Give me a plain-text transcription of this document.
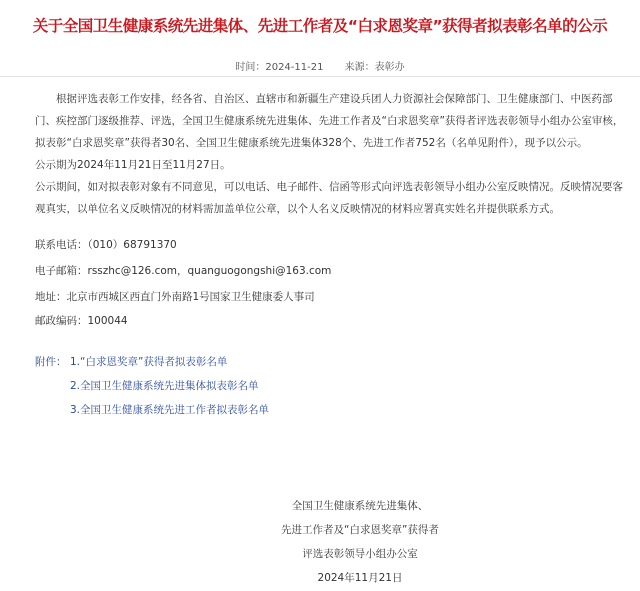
关于全国卫生健康系统先进集体、先进工作者及“白求恩奖章”获得者拟表彰名单的公示
时间：2024-11-21 来源：表彰办

根据评选表彰工作安排，经各省、自治区、直辖市和新疆生产建设兵团人力资源社会保障部门、卫生健康部门、中医药部门、疾控部门逐级推荐、评选，全国卫生健康系统先进集体、先进工作者及“白求恩奖章”获得者评选表彰领导小组办公室审核，拟表彰“白求恩奖章”获得者30名、全国卫生健康系统先进集体328个、先进工作者752名（名单见附件），现予以公示。

公示期为2024年11月21日至11月27日。

公示期间，如对拟表彰对象有不同意见，可以电话、电子邮件、信函等形式向评选表彰领导小组办公室反映情况。反映情况要客观真实，以单位名义反映情况的材料需加盖单位公章，以个人名义反映情况的材料应署真实姓名并提供联系方式。

联系电话：（010）68791370

电子邮箱：rsszhc@126.com，quanguogongshi@163.com

地址：北京市西城区西直门外南路1号国家卫生健康委人事司

邮政编码：100044

附件： 1.“白求恩奖章”获得者拟表彰名单

2.全国卫生健康系统先进集体拟表彰名单

3.全国卫生健康系统先进工作者拟表彰名单

全国卫生健康系统先进集体、

先进工作者及“白求恩奖章”获得者

评选表彰领导小组办公室

2024年11月21日
